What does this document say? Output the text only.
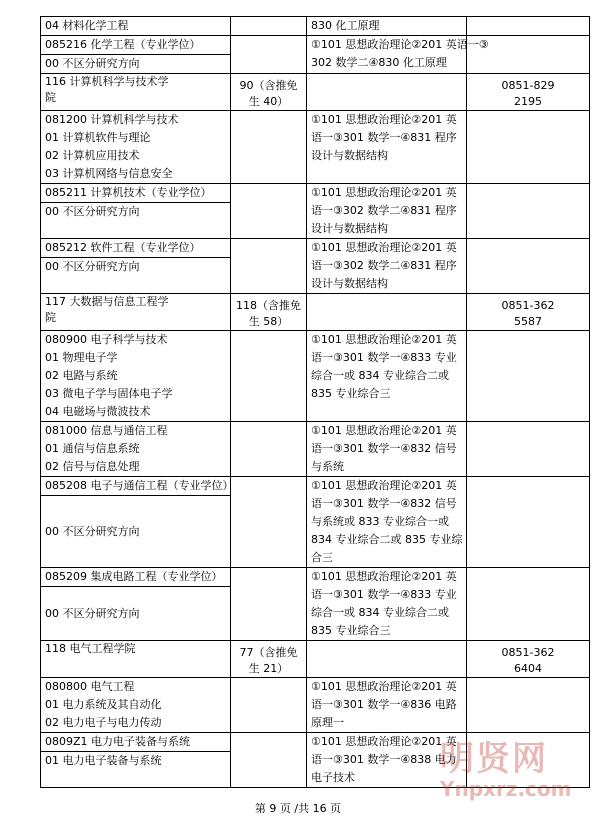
04 材料化学工程	830 化工原理
085216 化学工程（专业学位）
00 不区分研究方向
①101 思想政治理论②201 英语一③
302 数学二④830 化工原理
116 计算机科学与技术学
院
90（含推免
生 40）
0851-829
2195
081200 计算机科学与技术
01 计算机软件与理论
02 计算机应用技术
03 计算机网络与信息安全
①101 思想政治理论②201 英
语一③301 数学一④831 程序
设计与数据结构
085211 计算机技术（专业学位）
00 不区分研究方向
①101 思想政治理论②201 英
语一③302 数学二④831 程序
设计与数据结构
085212 软件工程（专业学位）
00 不区分研究方向
①101 思想政治理论②201 英
语一③302 数学二④831 程序
设计与数据结构
117 大数据与信息工程学
院
118（含推免
生 58）
0851-362
5587
080900 电子科学与技术
01 物理电子学
02 电路与系统
03 微电子学与固体电子学
04 电磁场与微波技术
①101 思想政治理论②201 英
语一③301 数学一④833 专业
综合一或 834 专业综合二或
835 专业综合三
081000 信息与通信工程
01 通信与信息系统
02 信号与信息处理
①101 思想政治理论②201 英
语一③301 数学一④832 信号
与系统
085208 电子与通信工程（专业学位）
00 不区分研究方向
①101 思想政治理论②201 英
语一③301 数学一④832 信号
与系统或 833 专业综合一或
834 专业综合二或 835 专业综
合三
085209 集成电路工程（专业学位）
00 不区分研究方向
①101 思想政治理论②201 英
语一③301 数学一④833 专业
综合一或 834 专业综合二或
835 专业综合三
118 电气工程学院	77（含推免
生 21）
0851-362
6404
080800 电气工程
01 电力系统及其自动化
02 电力电子与电力传动
①101 思想政治理论②201 英
语一③301 数学一④836 电路
原理一
0809Z1 电力电子装备与系统
01 电力电子装备与系统
①101 思想政治理论②201 英
语一③301 数学一④838 电力
电子技术
第 9 页 /共 16 页
明贤网
Ynpxrz.com
